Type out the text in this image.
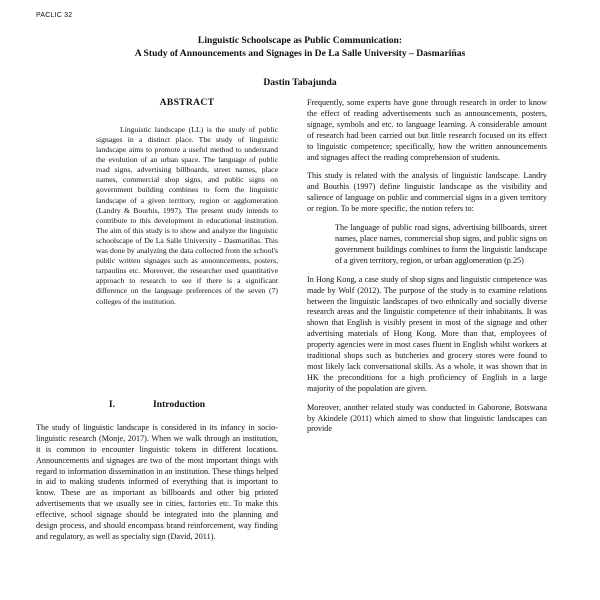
PACLIC 32
Linguistic Schoolscape as Public Communication:
A Study of Announcements and Signages in De La Salle University – Dasmariñas
Dastin Tabajunda
ABSTRACT

Linguistic landscape (LL) is the study of public signages in a distinct place. The study of linguistic landscape aims to promote a useful method to understand the evolution of an urban space. The language of public road signs, advertising billboards, street names, place names, commercial shop signs, and public signs on government building combines to form the linguistic landscape of a given territory, region or agglomeration (Landry & Bourhis, 1997). The present study intends to contribute to this development in educational institution. The aim of this study is to show and analyze the linguistic schoolscape of De La Salle University - Dasmariñas. This was done by analyzing the data collected from the school's public written signages such as announcements, posters, tarpaulins etc. Moreover, the researcher used quantitative approach to research to see if there is a significant difference on the language preferences of the seven (7) colleges of the institution.

I.	Introduction

The study of linguistic landscape is considered in its infancy in socio-linguistic research (Monje, 2017). When we walk through an institution, it is common to encounter linguistic tokens in different locations. Announcements and signages are two of the most important things with regard to information dissemination in an institution. These things helped in aid to making students informed of everything that is important to know. These are as important as billboards and other big printed advertisements that we usually see in cities, factories etc. To make this effective, school signage should be integrated into the planning and design process, and should encompass brand reinforcement, way finding and regulatory, as well as specialty sign (David, 2011).

Frequently, some experts have gone through research in order to know the effect of reading advertisements such as announcements, posters, signage, symbols and etc. to language learning. A considerable amount of research had been carried out but little research focused on its effect to linguistic competence; specifically, how the written announcements and signages affect the reading comprehension of students.

This study is related with the analysis of linguistic landscape. Landry and Bourhis (1997) define linguistic landscape as the visibility and salience of language on public and commercial signs in a given territory or region. To be more specific, the notion refers to:

The language of public road signs, advertising billboards, street names, place names, commercial shop signs, and public signs on government buildings combines to form the linguistic landscape of a given territory, region, or urban agglomeration (p.25)

In Hong Kong, a case study of shop signs and linguistic competence was made by Wolf (2012). The purpose of the study is to examine relations between the linguistic landscapes of two ethnically and socially diverse research areas and the linguistic competence of their inhabitants. It was shown that English is visibly present in most of the signage and other advertising materials of Hong Kong. More than that, employees of property agencies were in most cases fluent in English whilst workers at traditional shops such as butcheries and grocery stores were found to most likely lack conversational skills. As a whole, it was shown that in HK the preconditions for a high proficiency of English in a large majority of the population are given.

Moreover, another related study was conducted in Gaborone, Botswana by Akindele (2011) which aimed to show that linguistic landscapes can provide
